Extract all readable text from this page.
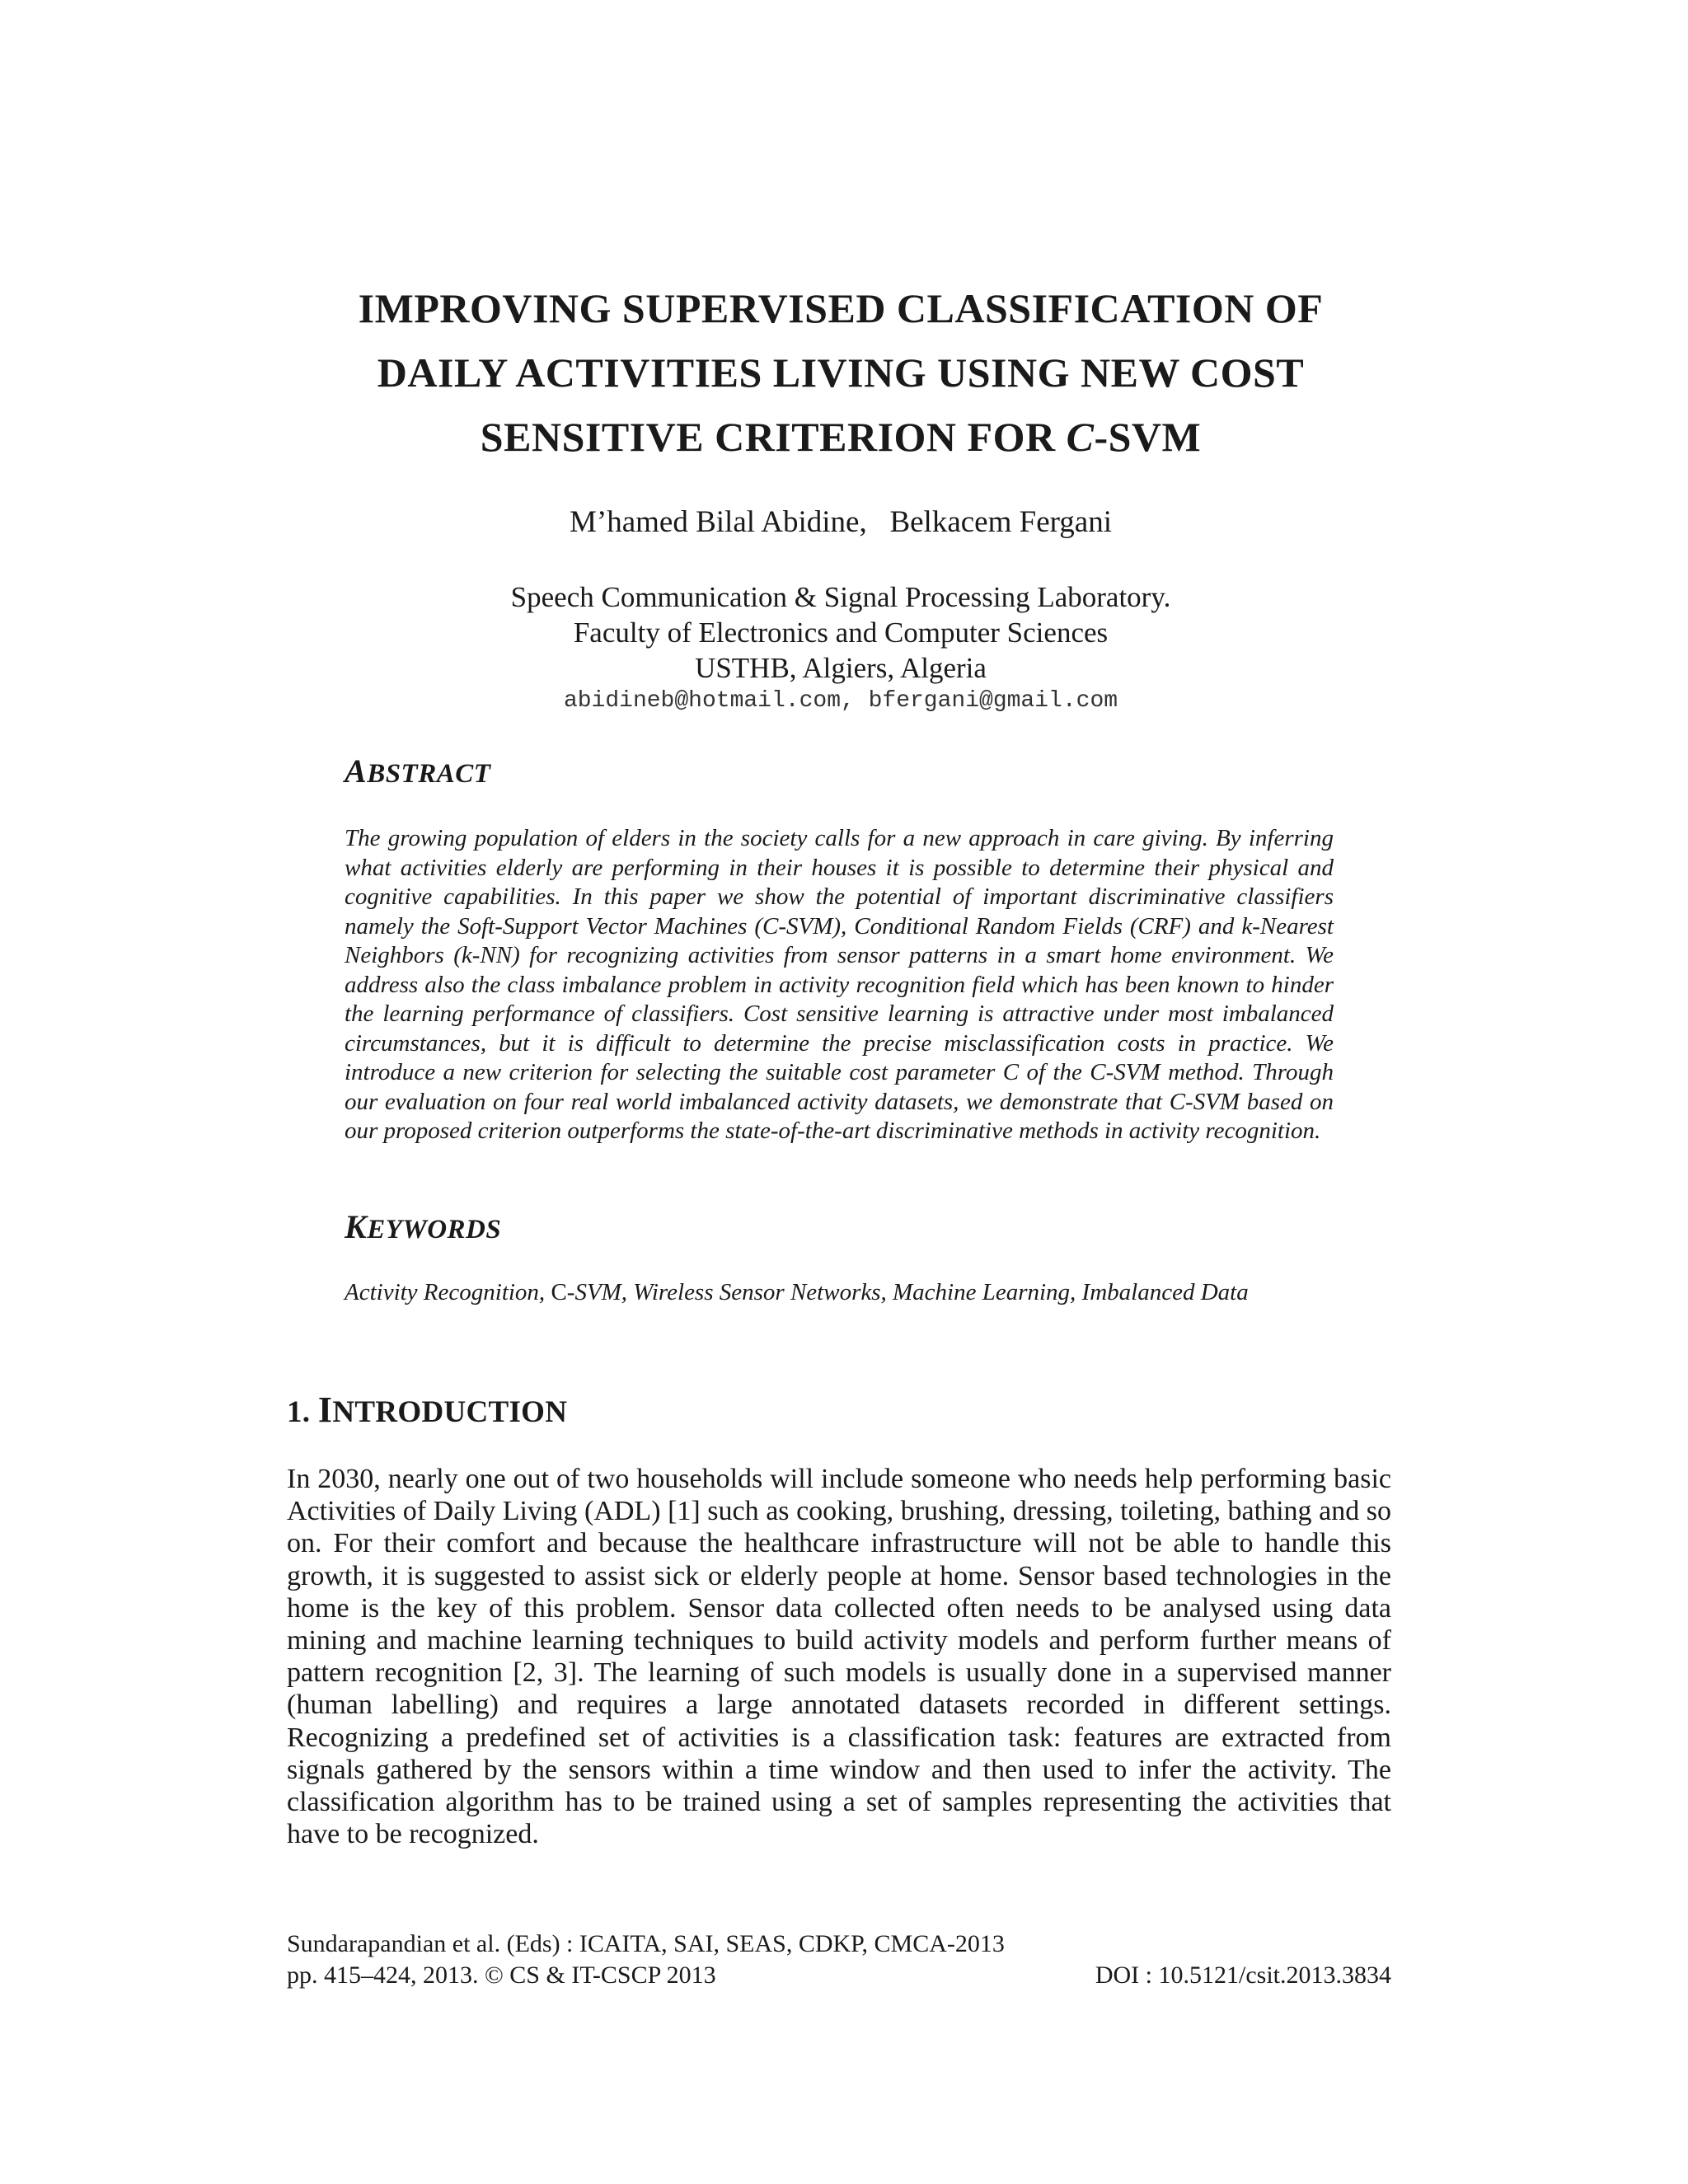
IMPROVING SUPERVISED CLASSIFICATION OF
DAILY ACTIVITIES LIVING USING NEW COST
SENSITIVE CRITERION FOR C-SVM
M’hamed Bilal Abidine,   Belkacem Fergani
Speech Communication & Signal Processing Laboratory.
Faculty of Electronics and Computer Sciences
USTHB, Algiers, Algeria
abidineb@hotmail.com, bfergani@gmail.com
ABSTRACT
The growing population of elders in the society calls for a new approach in care giving. By inferring what activities elderly are performing in their houses it is possible to determine their physical and cognitive capabilities. In this paper we show the potential of important discriminative classifiers namely the Soft-Support Vector Machines (C-SVM), Conditional Random Fields (CRF) and k-Nearest Neighbors (k-NN) for recognizing activities from sensor patterns in a smart home environment. We address also the class imbalance problem in activity recognition field which has been known to hinder the learning performance of classifiers. Cost sensitive learning is attractive under most imbalanced circumstances, but it is difficult to determine the precise misclassification costs in practice. We introduce a new criterion for selecting the suitable cost parameter C of the C-SVM method. Through our evaluation on four real world imbalanced activity datasets, we demonstrate that C-SVM based on our proposed criterion outperforms the state-of-the-art discriminative methods in activity recognition.
KEYWORDS
Activity Recognition, C-SVM, Wireless Sensor Networks, Machine Learning, Imbalanced Data
1. INTRODUCTION
In 2030, nearly one out of two households will include someone who needs help performing basic Activities of Daily Living (ADL) [1] such as cooking, brushing, dressing, toileting, bathing and so on. For their comfort and because the healthcare infrastructure will not be able to handle this growth, it is suggested to assist sick or elderly people at home. Sensor based technologies in the home is the key of this problem. Sensor data collected often needs to be analysed using data mining and machine learning techniques to build activity models and perform further means of pattern recognition [2, 3]. The learning of such models is usually done in a supervised manner (human labelling) and requires a large annotated datasets recorded in different settings. Recognizing a predefined set of activities is a classification task: features are extracted from signals gathered by the sensors within a time window and then used to infer the activity. The classification algorithm has to be trained using a set of samples representing the activities that have to be recognized.
Sundarapandian et al. (Eds) : ICAITA, SAI, SEAS, CDKP, CMCA-2013
pp. 415–424, 2013. © CS & IT-CSCP 2013	DOI : 10.5121/csit.2013.3834
